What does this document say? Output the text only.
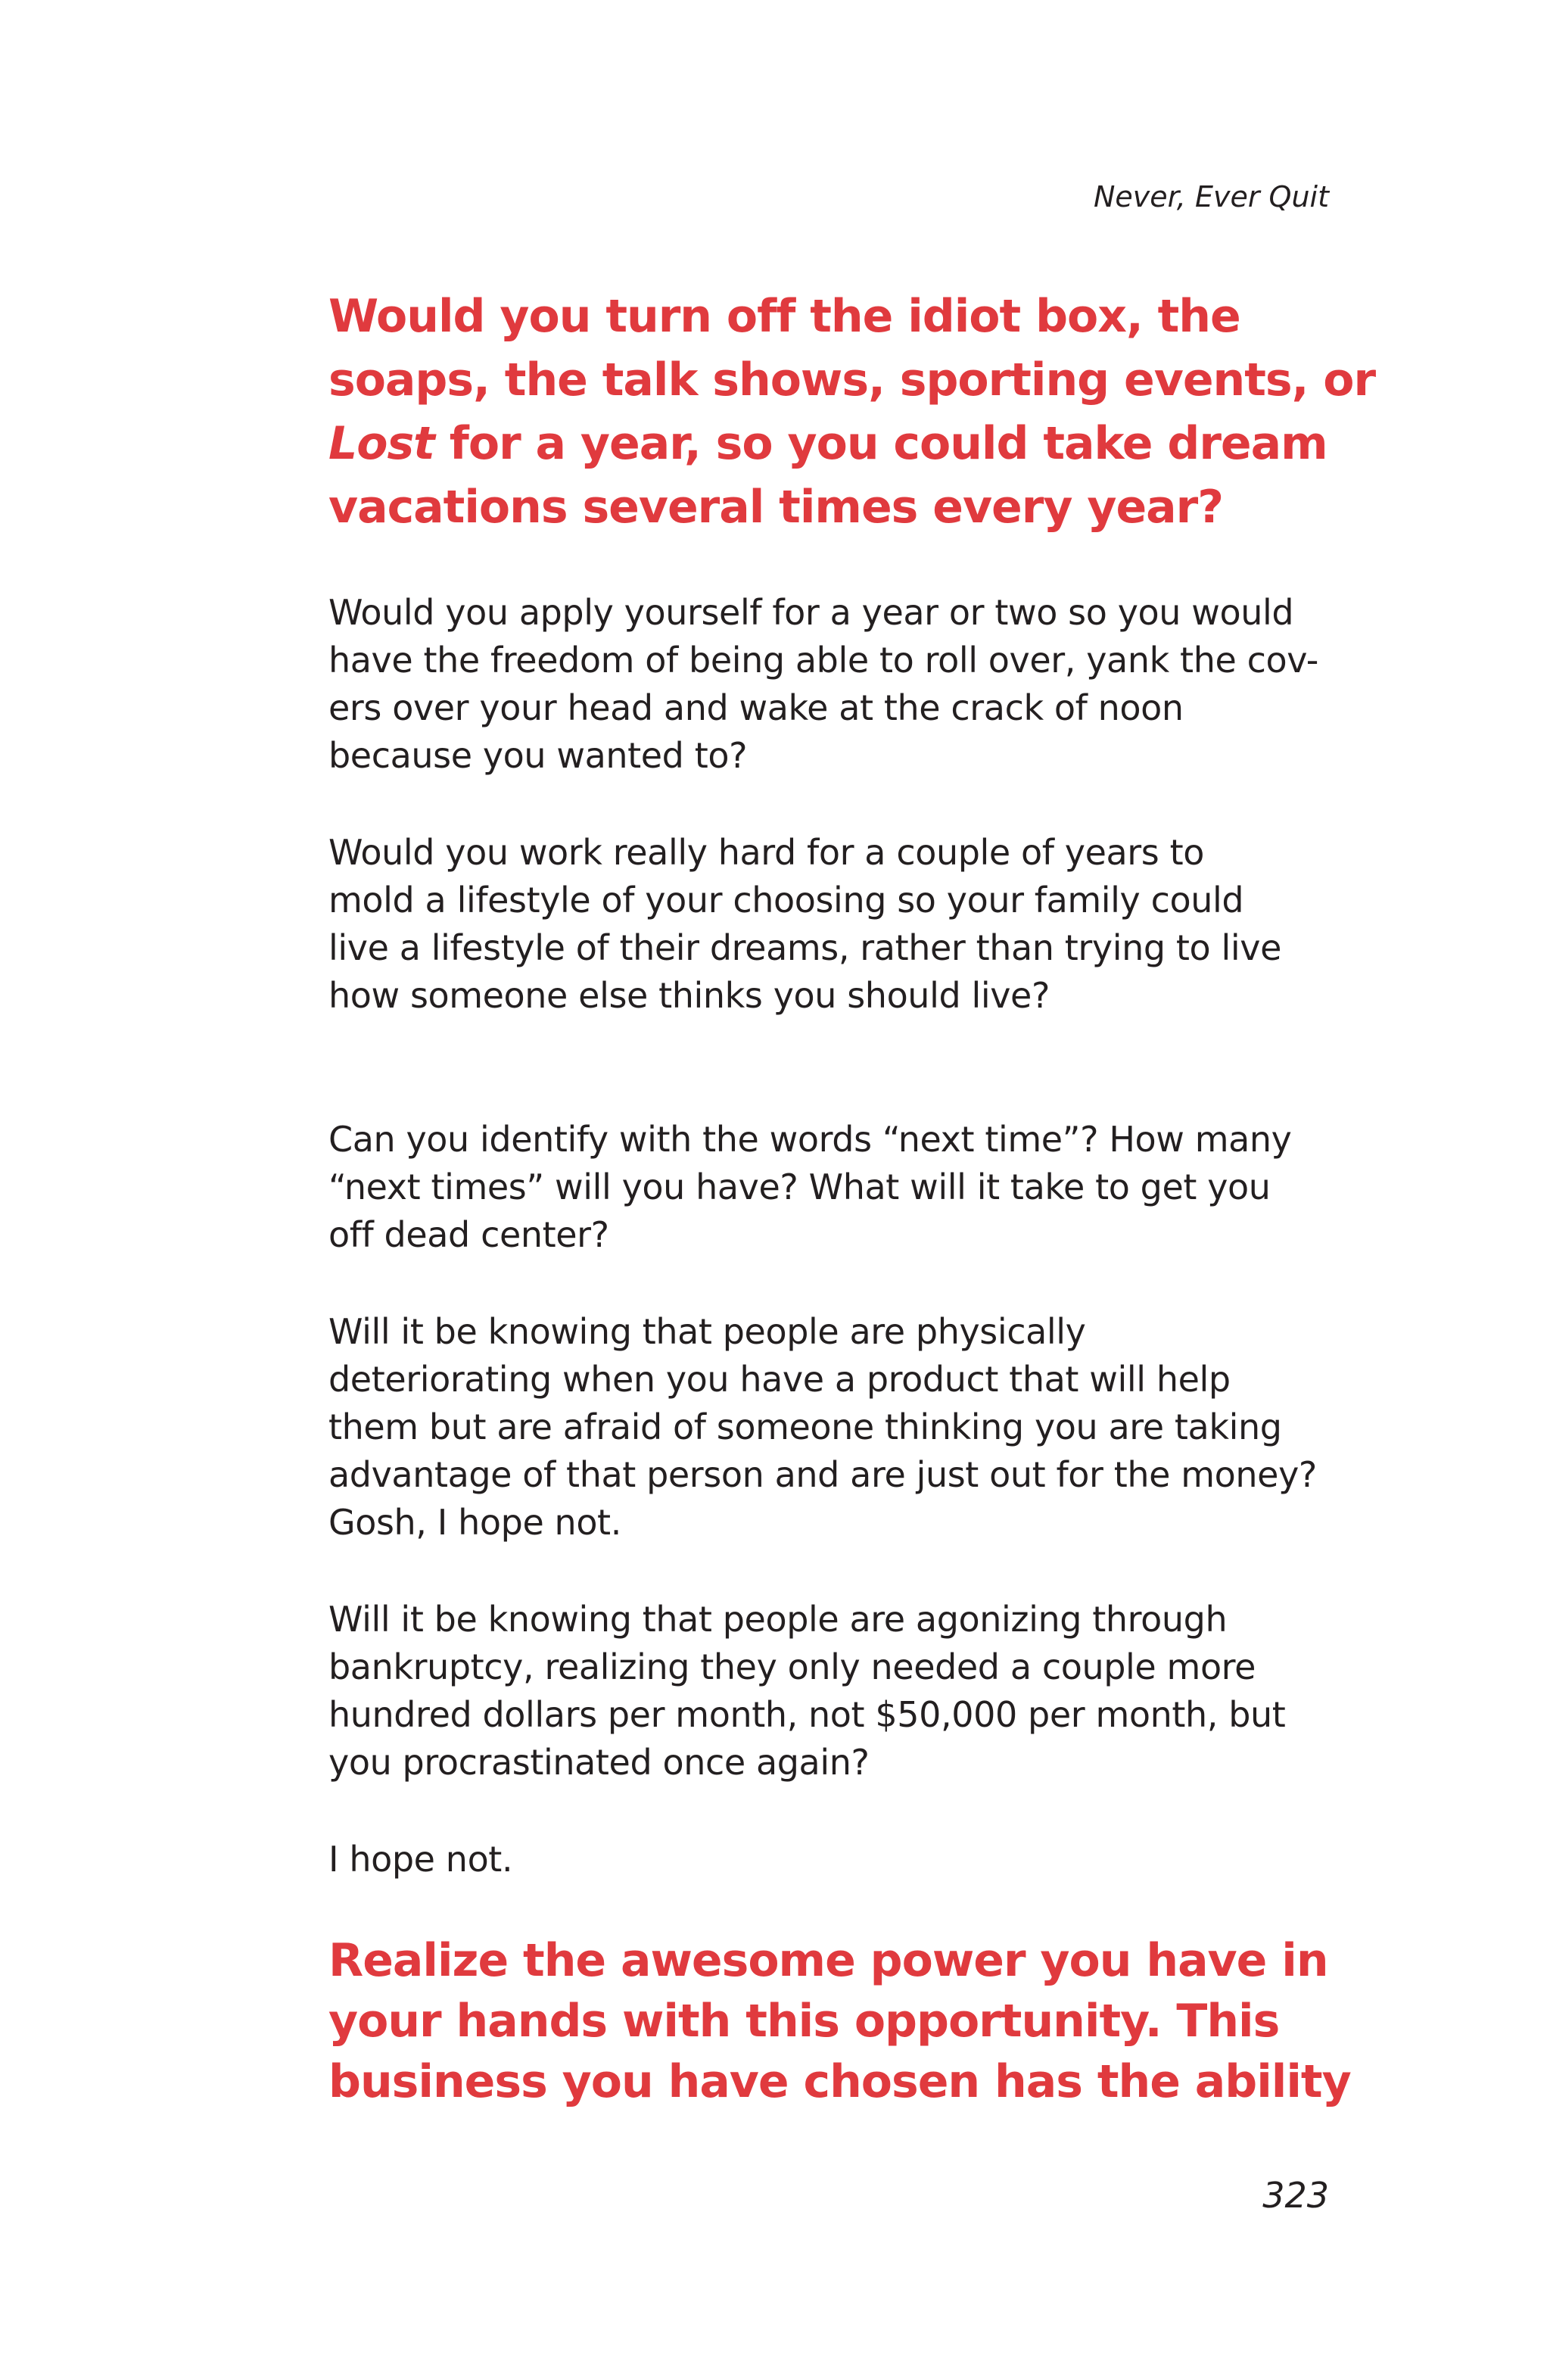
Never, Ever Quit

Would you turn off the idiot box, the
soaps, the talk shows, sporting events, or
Lost for a year, so you could take dream
vacations several times every year?

Would you apply yourself for a year or two so you would
have the freedom of being able to roll over, yank the cov-
ers over your head and wake at the crack of noon
because you wanted to?

Would you work really hard for a couple of years to
mold a lifestyle of your choosing so your family could
live a lifestyle of their dreams, rather than trying to live
how someone else thinks you should live?

Can you identify with the words “next time”? How many
“next times” will you have? What will it take to get you
off dead center?

Will it be knowing that people are physically
deteriorating when you have a product that will help
them but are afraid of someone thinking you are taking
advantage of that person and are just out for the money?
Gosh, I hope not.

Will it be knowing that people are agonizing through
bankruptcy, realizing they only needed a couple more
hundred dollars per month, not $50,000 per month, but
you procrastinated once again?

I hope not.

Realize the awesome power you have in
your hands with this opportunity. This
business you have chosen has the ability

323
